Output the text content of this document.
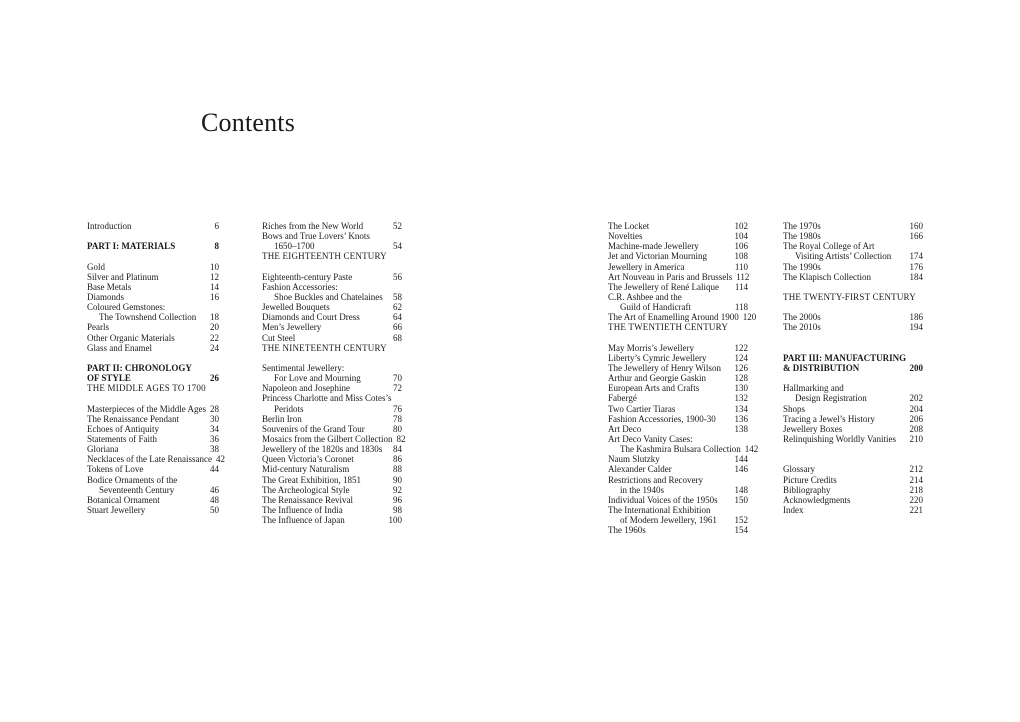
Contents
Introduction	6
PART I: MATERIALS	8
Gold	10
Silver and Platinum	12
Base Metals	14
Diamonds	16
Coloured Gemstones:
The Townshend Collection	18
Pearls	20
Other Organic Materials	22
Glass and Enamel	24
PART II: CHRONOLOGY
OF STYLE	26
THE MIDDLE AGES TO 1700
Masterpieces of the Middle Ages 28
The Renaissance Pendant	30
Echoes of Antiquity	34
Statements of Faith	36
Gloriana	38
Necklaces of the Late Renaissance 42
Tokens of Love	44
Bodice Ornaments of the
Seventeenth Century	46
Botanical Ornament	48
Stuart Jewellery	50
Riches from the New World	52
Bows and True Lovers’ Knots
1650–1700	54
THE EIGHTEENTH CENTURY
Eighteenth-century Paste	56
Fashion Accessories:
Shoe Buckles and Chatelaines	58
Jewelled Bouquets	62
Diamonds and Court Dress	64
Men’s Jewellery	66
Cut Steel	68
THE NINETEENTH CENTURY
Sentimental Jewellery:
For Love and Mourning	70
Napoleon and Josephine	72
Princess Charlotte and Miss Cotes’s
Peridots	76
Berlin Iron	78
Souvenirs of the Grand Tour	80
Mosaics from the Gilbert Collection 82
Jewellery of the 1820s and 1830s	84
Queen Victoria’s Coronet	86
Mid-century Naturalism	88
The Great Exhibition, 1851	90
The Archeological Style	92
The Renaissance Revival	96
The Influence of India	98
The Influence of Japan	100
The Locket	102
Novelties	104
Machine-made Jewellery	106
Jet and Victorian Mourning	108
Jewellery in America	110
Art Nouveau in Paris and Brussels 112
The Jewellery of René Lalique	114
C.R. Ashbee and the
Guild of Handicraft	118
The Art of Enamelling Around 1900 120
THE TWENTIETH CENTURY
May Morris’s Jewellery	122
Liberty’s Cymric Jewellery	124
The Jewellery of Henry Wilson	126
Arthur and Georgie Gaskin	128
European Arts and Crafts	130
Fabergé	132
Two Cartier Tiaras	134
Fashion Accessories, 1900-30	136
Art Deco	138
Art Deco Vanity Cases:
The Kashmira Bulsara Collection 142
Naum Slutzky	144
Alexander Calder	146
Restrictions and Recovery
in the 1940s	148
Individual Voices of the 1950s	150
The International Exhibition
of Modern Jewellery, 1961	152
The 1960s	154
The 1970s	160
The 1980s	166
The Royal College of Art
Visiting Artists’ Collection	174
The 1990s	176
The Klapisch Collection	184
THE TWENTY-FIRST CENTURY
The 2000s	186
The 2010s	194
PART III: MANUFACTURING
& DISTRIBUTION	200
Hallmarking and
Design Registration	202
Shops	204
Tracing a Jewel’s History	206
Jewellery Boxes	208
Relinquishing Worldly Vanities	210
Glossary	212
Picture Credits	214
Bibliography	218
Acknowledgments	220
Index	221
